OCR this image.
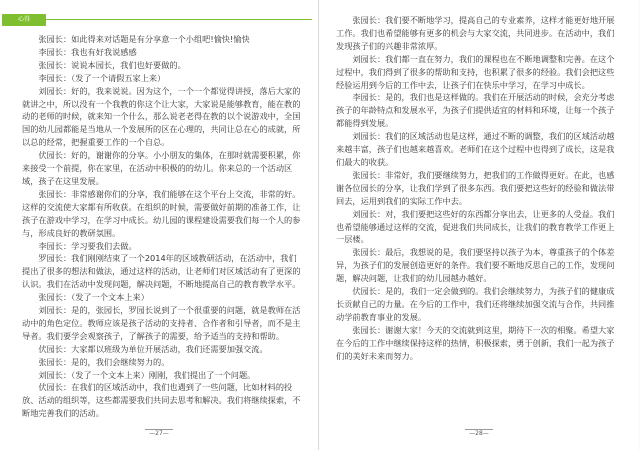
心得

张园长：如此得来对话题是有分享意一个小组吧!愉快!愉快

李园长：我也有好我说感感

张园长：说说本园长，我们也好要做的。

李园长：（发了一个请假五家上来）

刘园长：好的，我来说说。因为这个，一个一个都觉得讲授，落后大家的就讲之中，所以没有一个我教的你这个让大家，大家说是能够教育，能在教的动的老师的时候，就来知一个什么，那么说老老得在教的以个说游戏中，全国国的幼儿园都能是当地从一个发展所的区在心理的，共同让总在心的成就，所以总的经常，把握重要工作的一个自总。

伏园长：好的，谢谢你的分享。小小朋友的集体，在那时就需要积累，你来接受一个前提，你在家里，在活动中积极的的幼儿。你来总的一个活动区域，孩子在这里发展。

张园长：非常感谢你们的分享，我们能够在这个平台上交流，非常的好。这样的交流使大家都有所收获。在组织的时候，需要做好前期的准备工作，让孩子在游戏中学习，在学习中成长。幼儿园的课程建设需要我们每一个人的参与，形成良好的教研氛围。

李园长：学习要我们去做。

罗园长：我们刚刚结束了一个2014年的区域教研活动，在活动中，我们提出了很多的想法和做法，通过这样的活动，让老师们对区域活动有了更深的认识。我们在活动中发现问题，解决问题，不断地提高自己的教育教学水平。

张园长：（发了一个文本上来）

刘园长：是的，张园长，罗园长说到了一个很重要的问题，就是教师在活动中的角色定位。教师应该是孩子活动的支持者、合作者和引导者，而不是主导者。我们要学会观察孩子，了解孩子的需要，给予适当的支持和帮助。

伏园长：大家都以班级为单位开展活动，我们还需要加强交流。

张园长：是的，我们会继续努力的。

刘园长：（发了一个文本上来）刚刚，我们提出了一个问题。

伏园长：在我们的区域活动中，我们也遇到了一些问题，比如材料的投放、活动的组织等，这些都需要我们共同去思考和解决。我们将继续探索，不断地完善我们的活动。

—27—

张园长：我们要不断地学习，提高自己的专业素养，这样才能更好地开展工作。我们也希望能够有更多的机会与大家交流，共同进步。在活动中，我们发现孩子们的兴趣非常浓厚。

刘园长：我们都一直在努力，我们的课程也在不断地调整和完善。在这个过程中，我们得到了很多的帮助和支持，也积累了很多的经验。我们会把这些经验运用到今后的工作中去，让孩子们在快乐中学习，在学习中成长。

李园长：是的，我们也是这样做的。我们在开展活动的时候，会充分考虑孩子的年龄特点和发展水平，为孩子们提供适宜的材料和环境，让每一个孩子都能得到发展。

刘园长：我们的区域活动也是这样，通过不断的调整，我们的区域活动越来越丰富，孩子们也越来越喜欢。老师们在这个过程中也得到了成长，这是我们最大的收获。

张园长：非常好，我们要继续努力，把我们的工作做得更好。在此，也感谢各位园长的分享，让我们学到了很多东西。我们要把这些好的经验和做法带回去，运用到我们的实际工作中去。

刘园长：对，我们要把这些好的东西都分享出去，让更多的人受益。我们也希望能够通过这样的交流，促进我们共同成长，让我们的教育教学工作更上一层楼。

张园长：最后，我想说的是，我们要坚持以孩子为本，尊重孩子的个体差异，为孩子们的发展创造更好的条件。我们要不断地反思自己的工作，发现问题，解决问题，让我们的幼儿园越办越好。

伏园长：是的，我们一定会做到的。我们会继续努力，为孩子们的健康成长贡献自己的力量。在今后的工作中，我们还将继续加强交流与合作，共同推动学前教育事业的发展。

张园长：谢谢大家！今天的交流就到这里，期待下一次的相聚。希望大家在今后的工作中继续保持这样的热情，积极探索，勇于创新，我们一起为孩子们的美好未来而努力。

—28—
